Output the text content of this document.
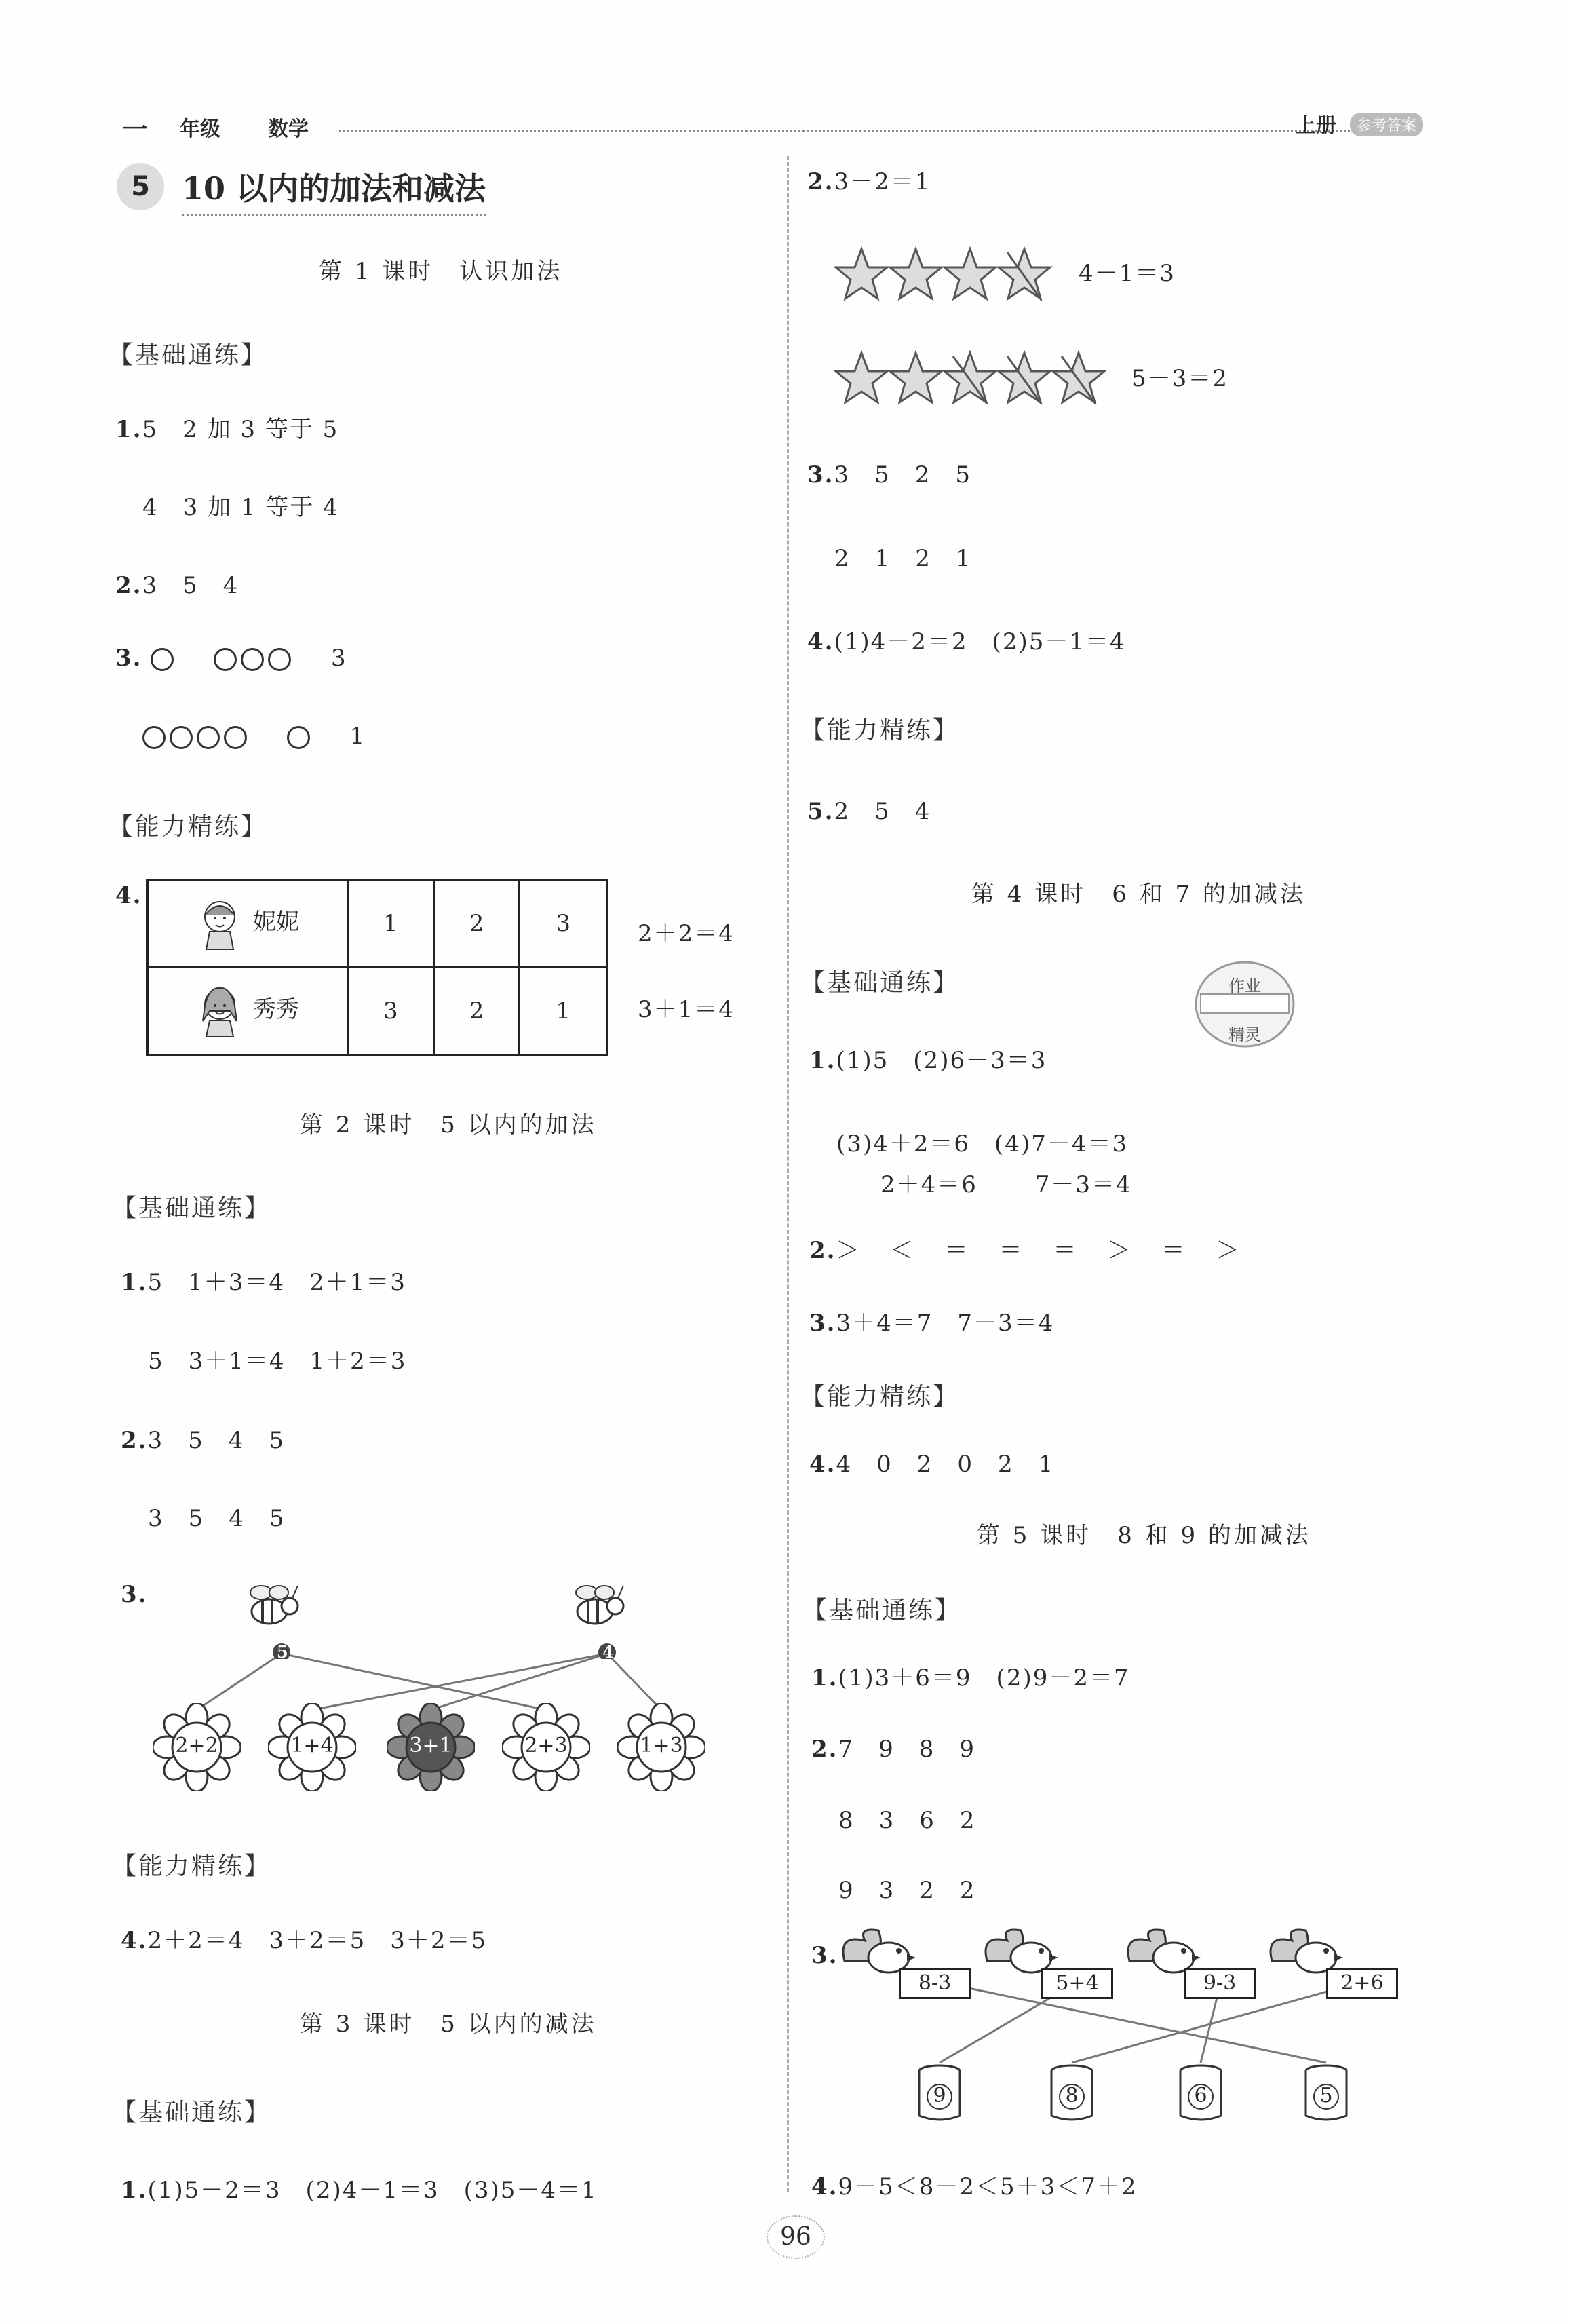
一 年级 数学	上册	参考答案
5	10 以内的加法和减法
第 1 课时　认识加法
【基础通练】
1.5　2 加 3 等于 5
4　3 加 1 等于 4
2.3　5　4
3.	3
1
【能力精练】
4.
妮妮	1	2	3
秀秀	3	2	1
2＋2＝4
3＋1＝4
第 2 课时　5 以内的加法
【基础通练】
1.5　1＋3＝4　2＋1＝3
5　3＋1＝4　1＋2＝3
2.3　5　4　5
3　5　4　5
3.
5	4
2+2	1+4	3+1	2+3	1+3
【能力精练】
4.2＋2＝4　3＋2＝5　3＋2＝5
第 3 课时　5 以内的减法
【基础通练】
1.(1)5－2＝3　(2)4－1＝3　(3)5－4＝1
2.3－2＝1
4－1＝3
5－3＝2
3.3　5　2　5
2　1　2　1
4.(1)4－2＝2　(2)5－1＝4
【能力精练】
5.2　5　4
第 4 课时　6 和 7 的加减法
作业
精灵
【基础通练】
1.(1)5　(2)6－3＝3
(3)4＋2＝6　(4)7－4＝3
2＋4＝6　　 7－3＝4
2.＞　＜　＝　＝　＝　＞　＝　＞
3.3＋4＝7　7－3＝4
【能力精练】
4.4　0　2　0　2　1
第 5 课时　8 和 9 的加减法
【基础通练】
1.(1)3＋6＝9　(2)9－2＝7
2.7　9　8　9
8　3　6　2
9　3　2　2
3.
8-3	5+4	9-3	2+6
9	8	6	5
4.9－5＜8－2＜5＋3＜7＋2
96
